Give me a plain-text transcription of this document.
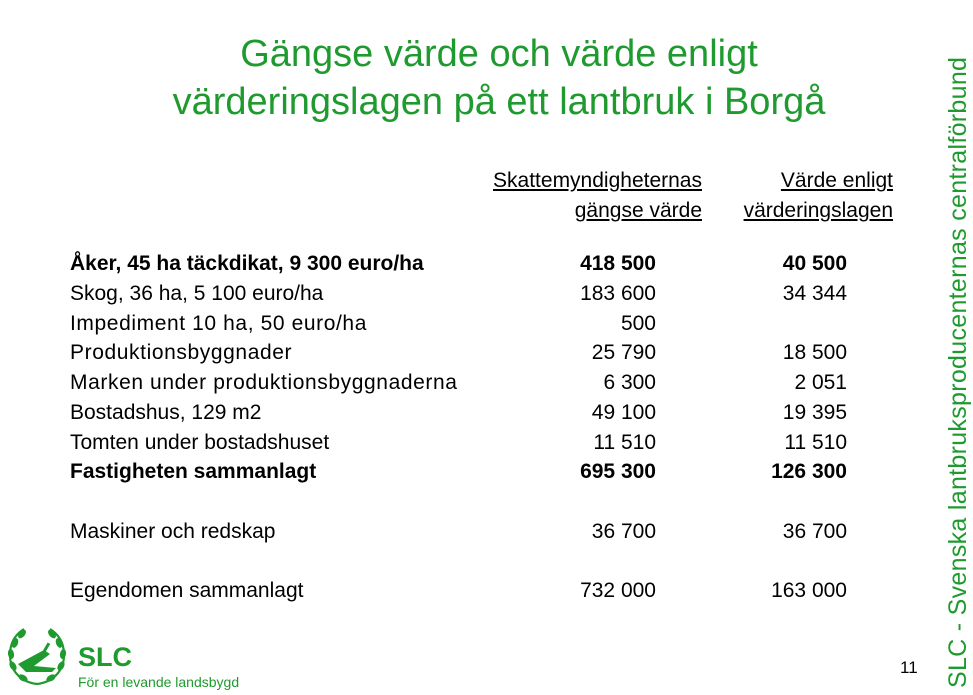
Gängse värde och värde enligt
värderingslagen på ett lantbruk i Borgå
Skattemyndigheternas
gängse värde
Värde enligt
värderingslagen
Åker, 45 ha täckdikat, 9 300 euro/ha	418 500	40 500
Skog, 36 ha, 5 100 euro/ha	183 600	34 344
Impediment 10 ha, 50 euro/ha	500
Produktionsbyggnader	25 790	18 500
Marken under produktionsbyggnaderna	6 300	2 051
Bostadshus, 129 m2	49 100	19 395
Tomten under bostadshuset	11 510	11 510
Fastigheten sammanlagt	695 300	126 300
Maskiner och redskap	36 700	36 700
Egendomen sammanlagt	732 000	163 000	SLC - Svenska lantbruksproducenternas centralförbund
11
SLC
För en levande landsbygd
